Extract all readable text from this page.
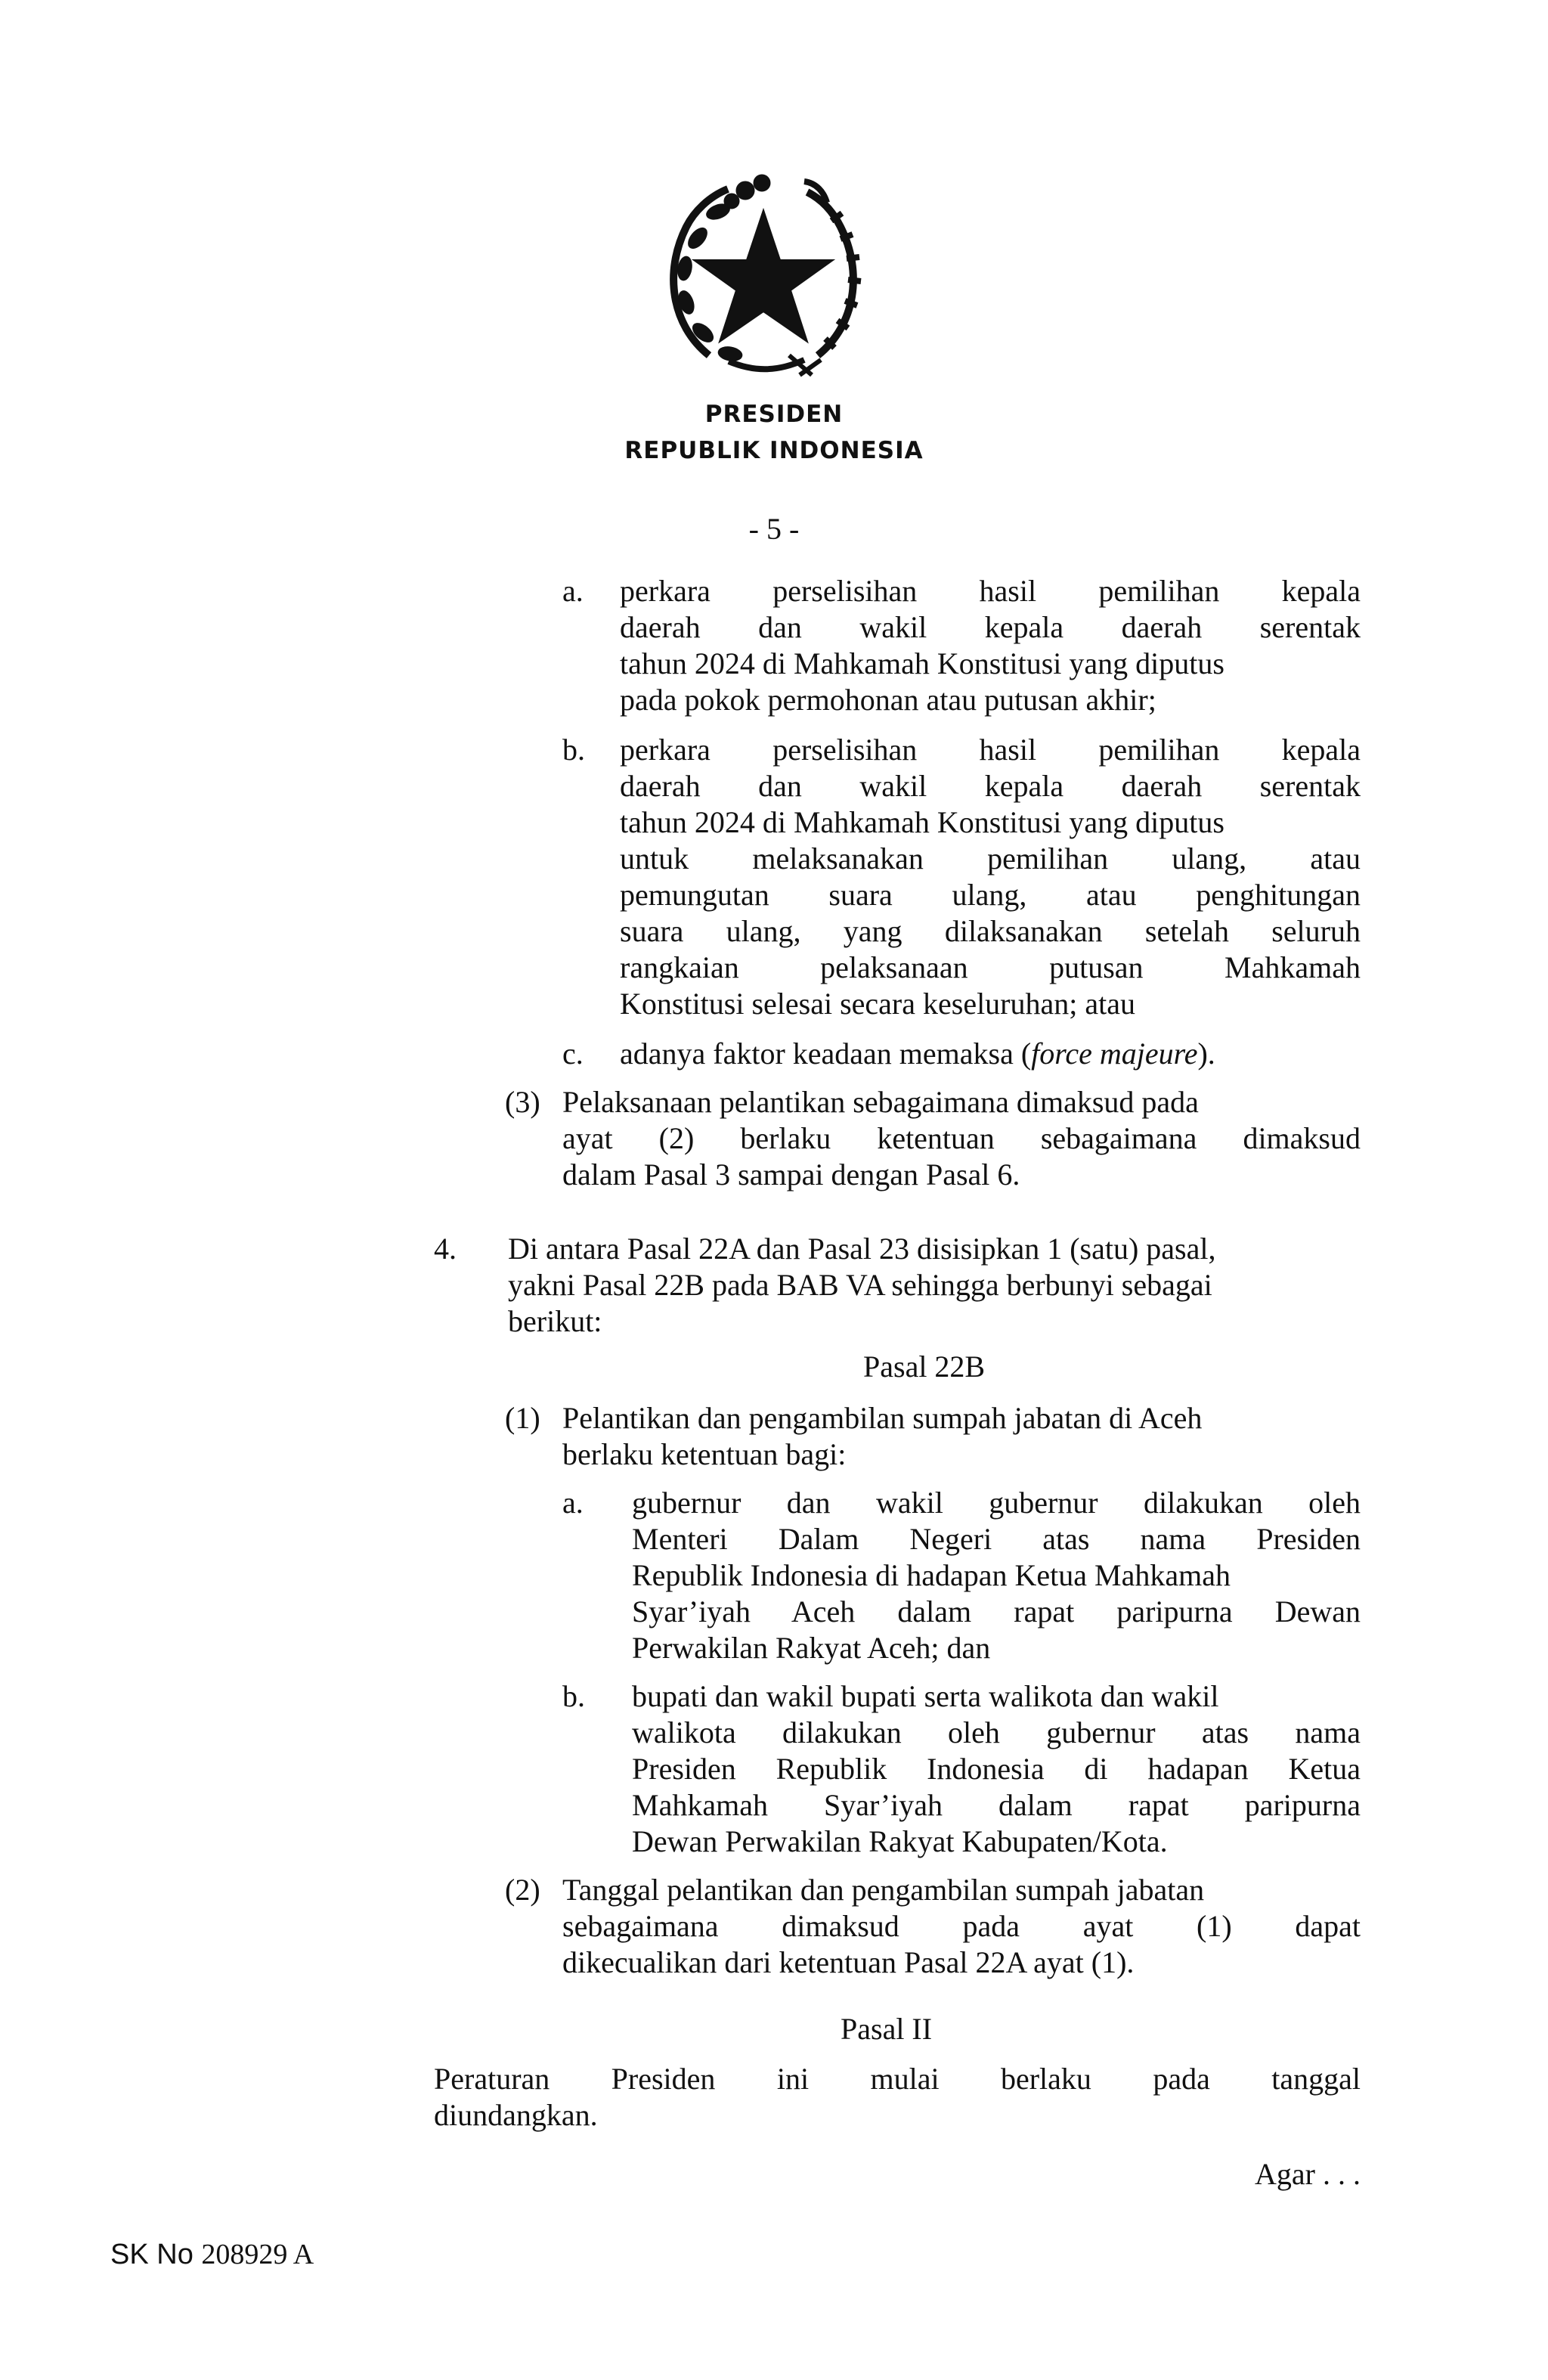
PRESIDEN
REPUBLIK INDONESIA
- 5 -
a. perkara perselisihan hasil pemilihan kepala
daerah dan wakil kepala daerah serentak
tahun 2024 di Mahkamah Konstitusi yang diputus
pada pokok permohonan atau putusan akhir;
b. perkara perselisihan hasil pemilihan kepala
daerah dan wakil kepala daerah serentak
tahun 2024 di Mahkamah Konstitusi yang diputus
untuk melaksanakan pemilihan ulang, atau
pemungutan suara ulang, atau penghitungan
suara ulang, yang dilaksanakan setelah seluruh
rangkaian pelaksanaan putusan Mahkamah
Konstitusi selesai secara keseluruhan; atau
c. adanya faktor keadaan memaksa (force majeure).
(3) Pelaksanaan pelantikan sebagaimana dimaksud pada
ayat (2) berlaku ketentuan sebagaimana dimaksud
dalam Pasal 3 sampai dengan Pasal 6.
4. Di antara Pasal 22A dan Pasal 23 disisipkan 1 (satu) pasal,
yakni Pasal 22B pada BAB VA sehingga berbunyi sebagai
berikut:
Pasal 22B
(1) Pelantikan dan pengambilan sumpah jabatan di Aceh
berlaku ketentuan bagi:
a. gubernur dan wakil gubernur dilakukan oleh
Menteri Dalam Negeri atas nama Presiden
Republik Indonesia di hadapan Ketua Mahkamah
Syar’iyah Aceh dalam rapat paripurna Dewan
Perwakilan Rakyat Aceh; dan
b. bupati dan wakil bupati serta walikota dan wakil
walikota dilakukan oleh gubernur atas nama
Presiden Republik Indonesia di hadapan Ketua
Mahkamah Syar’iyah dalam rapat paripurna
Dewan Perwakilan Rakyat Kabupaten/Kota.
(2) Tanggal pelantikan dan pengambilan sumpah jabatan
sebagaimana dimaksud pada ayat (1) dapat
dikecualikan dari ketentuan Pasal 22A ayat (1).
Pasal II
Peraturan Presiden ini mulai berlaku pada tanggal
diundangkan.
Agar . . .
SK No 208929 A
